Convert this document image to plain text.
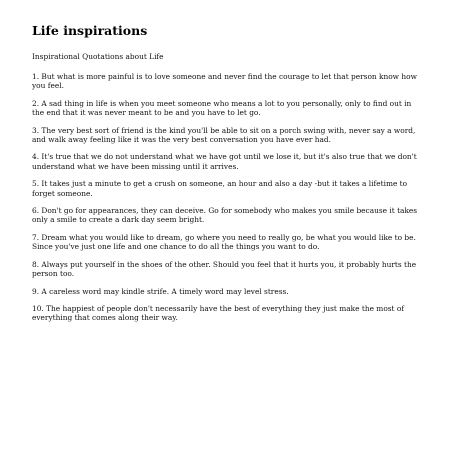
Life inspirations

Inspirational Quotations about Life

1. But what is more painful is to love someone and never find the courage to let that person know how you feel.
2. A sad thing in life is when you meet someone who means a lot to you personally, only to find out in the end that it was never meant to be and you have to let go.
3. The very best sort of friend is the kind you'll be able to sit on a porch swing with, never say a word, and walk away feeling like it was the very best conversation you have ever had.
4. It's true that we do not understand what we have got until we lose it, but it's also true that we don't understand what we have been missing until it arrives.
5. It takes just a minute to get a crush on someone, an hour and also a day -but it takes a lifetime to forget someone.
6. Don't go for appearances, they can deceive. Go for somebody who makes you smile because it takes only a smile to create a dark day seem bright.
7. Dream what you would like to dream, go where you need to really go, be what you would like to be. Since you've just one life and one chance to do all the things you want to do.
8. Always put yourself in the shoes of the other. Should you feel that it hurts you, it probably hurts the person too.
9. A careless word may kindle strife. A timely word may level stress.
10. The happiest of people don't necessarily have the best of everything they just make the most of everything that comes along their way.
